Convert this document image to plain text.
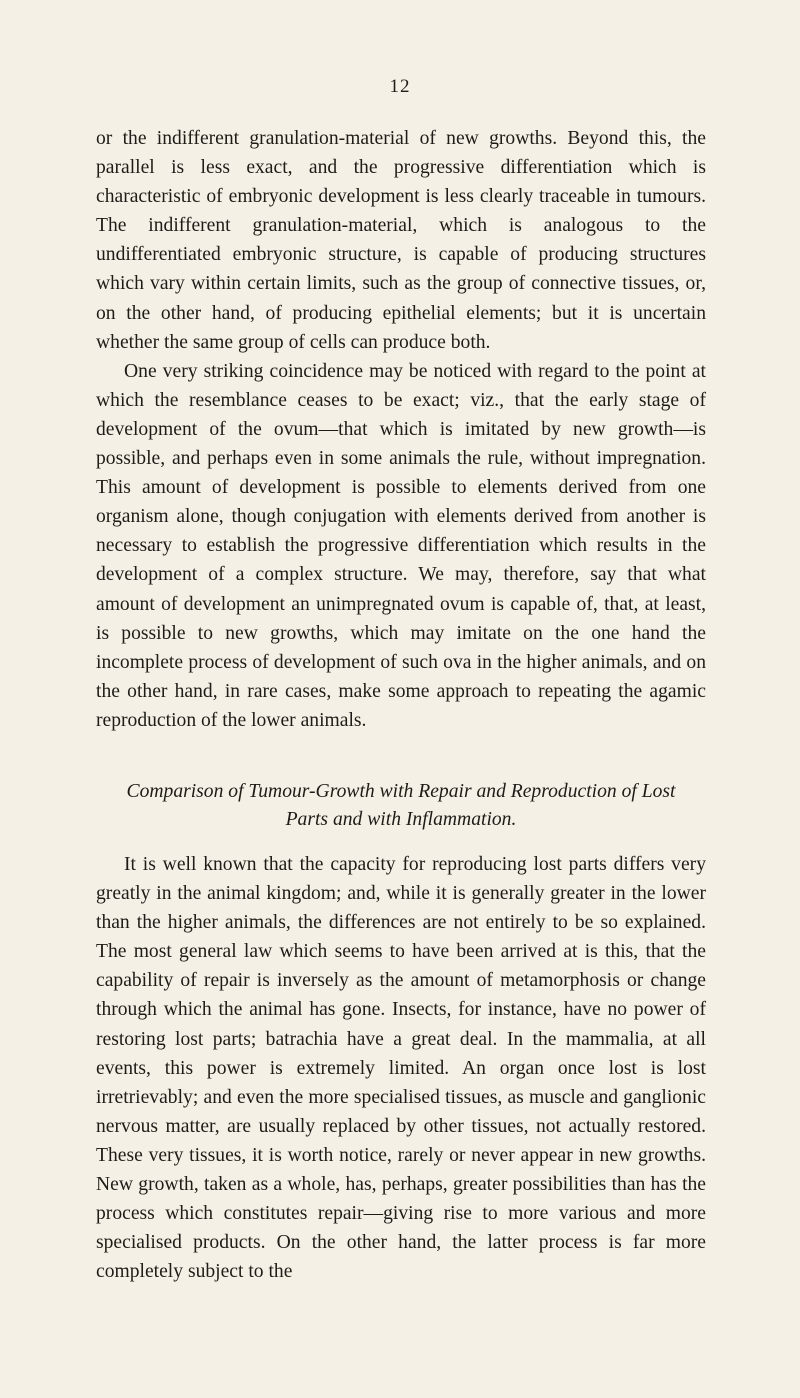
12

or the indifferent granulation-material of new growths. Beyond this, the parallel is less exact, and the progressive differentiation which is characteristic of embryonic development is less clearly traceable in tumours. The indifferent granulation-material, which is analogous to the undifferentiated embryonic structure, is capable of producing structures which vary within certain limits, such as the group of connective tissues, or, on the other hand, of producing epithelial elements; but it is uncertain whether the same group of cells can produce both.

One very striking coincidence may be noticed with regard to the point at which the resemblance ceases to be exact; viz., that the early stage of development of the ovum—that which is imitated by new growth—is possible, and perhaps even in some animals the rule, without impregnation. This amount of development is possible to elements derived from one organism alone, though conjugation with elements derived from another is necessary to establish the progressive differentiation which results in the development of a complex structure. We may, therefore, say that what amount of development an unimpregnated ovum is capable of, that, at least, is possible to new growths, which may imitate on the one hand the incomplete process of development of such ova in the higher animals, and on the other hand, in rare cases, make some approach to repeating the agamic reproduction of the lower animals.

Comparison of Tumour-Growth with Repair and Reproduction of Lost
Parts and with Inflammation.

It is well known that the capacity for reproducing lost parts differs very greatly in the animal kingdom; and, while it is generally greater in the lower than the higher animals, the differences are not entirely to be so explained. The most general law which seems to have been arrived at is this, that the capability of repair is inversely as the amount of metamorphosis or change through which the animal has gone. Insects, for instance, have no power of restoring lost parts; batrachia have a great deal. In the mammalia, at all events, this power is extremely limited. An organ once lost is lost irretrievably; and even the more specialised tissues, as muscle and ganglionic nervous matter, are usually replaced by other tissues, not actually restored. These very tissues, it is worth notice, rarely or never appear in new growths. New growth, taken as a whole, has, perhaps, greater possibilities than has the process which constitutes repair—giving rise to more various and more specialised products. On the other hand, the latter process is far more completely subject to the
